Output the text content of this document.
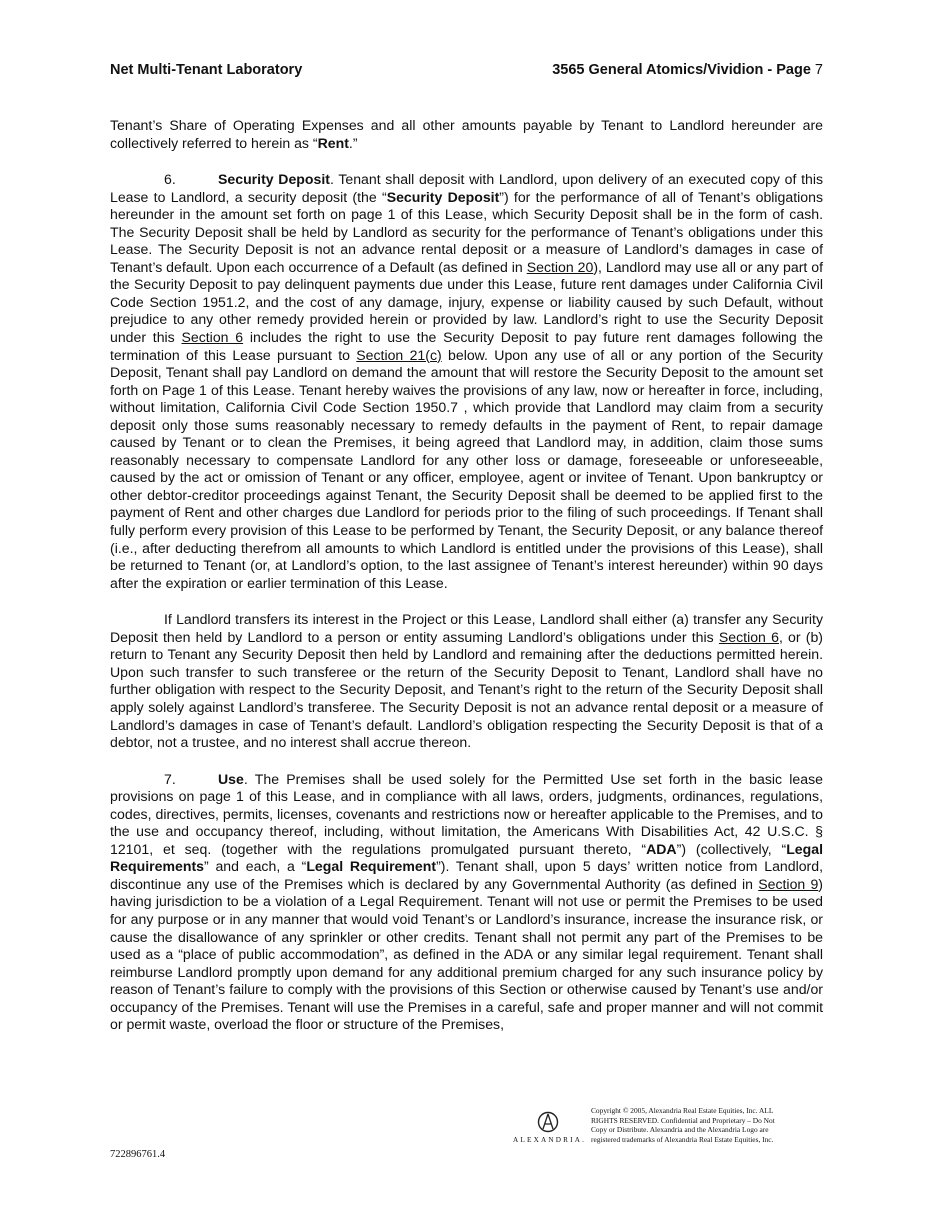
Net Multi-Tenant Laboratory	3565 General Atomics/Vividion - Page 7

Tenant’s Share of Operating Expenses and all other amounts payable by Tenant to Landlord hereunder are collectively referred to herein as “Rent.”

6.	Security Deposit. Tenant shall deposit with Landlord, upon delivery of an executed copy of this Lease to Landlord, a security deposit (the “Security Deposit”) for the performance of all of Tenant’s obligations hereunder in the amount set forth on page 1 of this Lease, which Security Deposit shall be in the form of cash. The Security Deposit shall be held by Landlord as security for the performance of Tenant’s obligations under this Lease. The Security Deposit is not an advance rental deposit or a measure of Landlord’s damages in case of Tenant’s default. Upon each occurrence of a Default (as defined in Section 20), Landlord may use all or any part of the Security Deposit to pay delinquent payments due under this Lease, future rent damages under California Civil Code Section 1951.2, and the cost of any damage, injury, expense or liability caused by such Default, without prejudice to any other remedy provided herein or provided by law. Landlord’s right to use the Security Deposit under this Section 6 includes the right to use the Security Deposit to pay future rent damages following the termination of this Lease pursuant to Section 21(c) below. Upon any use of all or any portion of the Security Deposit, Tenant shall pay Landlord on demand the amount that will restore the Security Deposit to the amount set forth on Page 1 of this Lease. Tenant hereby waives the provisions of any law, now or hereafter in force, including, without limitation, California Civil Code Section 1950.7 , which provide that Landlord may claim from a security deposit only those sums reasonably necessary to remedy defaults in the payment of Rent, to repair damage caused by Tenant or to clean the Premises, it being agreed that Landlord may, in addition, claim those sums reasonably necessary to compensate Landlord for any other loss or damage, foreseeable or unforeseeable, caused by the act or omission of Tenant or any officer, employee, agent or invitee of Tenant. Upon bankruptcy or other debtor-creditor proceedings against Tenant, the Security Deposit shall be deemed to be applied first to the payment of Rent and other charges due Landlord for periods prior to the filing of such proceedings. If Tenant shall fully perform every provision of this Lease to be performed by Tenant, the Security Deposit, or any balance thereof (i.e., after deducting therefrom all amounts to which Landlord is entitled under the provisions of this Lease), shall be returned to Tenant (or, at Landlord’s option, to the last assignee of Tenant’s interest hereunder) within 90 days after the expiration or earlier termination of this Lease.

If Landlord transfers its interest in the Project or this Lease, Landlord shall either (a) transfer any Security Deposit then held by Landlord to a person or entity assuming Landlord’s obligations under this Section 6, or (b) return to Tenant any Security Deposit then held by Landlord and remaining after the deductions permitted herein. Upon such transfer to such transferee or the return of the Security Deposit to Tenant, Landlord shall have no further obligation with respect to the Security Deposit, and Tenant’s right to the return of the Security Deposit shall apply solely against Landlord’s transferee. The Security Deposit is not an advance rental deposit or a measure of Landlord’s damages in case of Tenant’s default. Landlord’s obligation respecting the Security Deposit is that of a debtor, not a trustee, and no interest shall accrue thereon.

7.	Use. The Premises shall be used solely for the Permitted Use set forth in the basic lease provisions on page 1 of this Lease, and in compliance with all laws, orders, judgments, ordinances, regulations, codes, directives, permits, licenses, covenants and restrictions now or hereafter applicable to the Premises, and to the use and occupancy thereof, including, without limitation, the Americans With Disabilities Act, 42 U.S.C. § 12101, et seq. (together with the regulations promulgated pursuant thereto, “ADA”) (collectively, “Legal Requirements” and each, a “Legal Requirement”). Tenant shall, upon 5 days’ written notice from Landlord, discontinue any use of the Premises which is declared by any Governmental Authority (as defined in Section 9) having jurisdiction to be a violation of a Legal Requirement. Tenant will not use or permit the Premises to be used for any purpose or in any manner that would void Tenant’s or Landlord’s insurance, increase the insurance risk, or cause the disallowance of any sprinkler or other credits. Tenant shall not permit any part of the Premises to be used as a “place of public accommodation”, as defined in the ADA or any similar legal requirement. Tenant shall reimburse Landlord promptly upon demand for any additional premium charged for any such insurance policy by reason of Tenant’s failure to comply with the provisions of this Section or otherwise caused by Tenant’s use and/or occupancy of the Premises. Tenant will use the Premises in a careful, safe and proper manner and will not commit or permit waste, overload the floor or structure of the Premises,

ALEXANDRIA.
Copyright © 2005, Alexandria Real Estate Equities, Inc. ALL
RIGHTS RESERVED. Confidential and Proprietary – Do Not
Copy or Distribute. Alexandria and the Alexandria Logo are
registered trademarks of Alexandria Real Estate Equities, Inc.
722896761.4
